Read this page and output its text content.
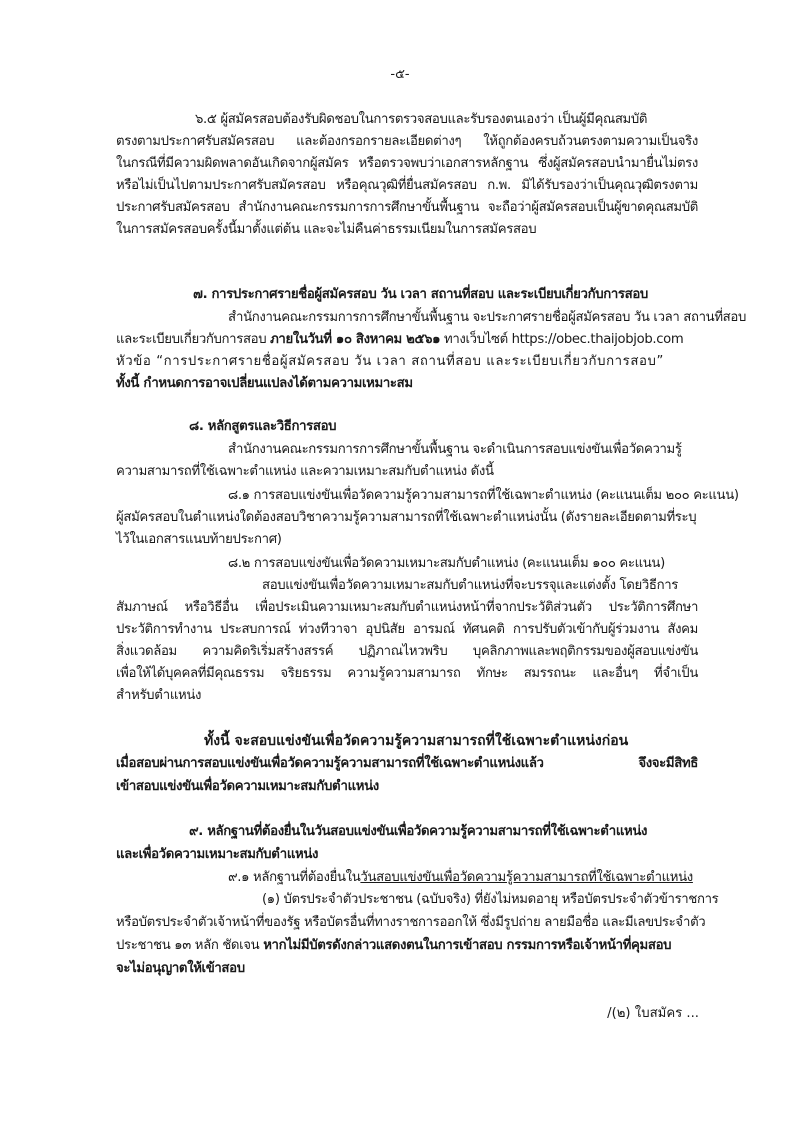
-๕-
๖.๕ ผู้สมัครสอบต้องรับผิดชอบในการตรวจสอบและรับรองตนเองว่า เป็นผู้มีคุณสมบัติ
ตรงตามประกาศรับสมัครสอบ และต้องกรอกรายละเอียดต่างๆ ให้ถูกต้องครบถ้วนตรงตามความเป็นจริง
ในกรณีที่มีความผิดพลาดอันเกิดจากผู้สมัคร หรือตรวจพบว่าเอกสารหลักฐาน ซึ่งผู้สมัครสอบนำมายื่นไม่ตรง
หรือไม่เป็นไปตามประกาศรับสมัครสอบ หรือคุณวุฒิที่ยื่นสมัครสอบ ก.พ. มิได้รับรองว่าเป็นคุณวุฒิตรงตาม
ประกาศรับสมัครสอบ สำนักงานคณะกรรมการการศึกษาขั้นพื้นฐาน จะถือว่าผู้สมัครสอบเป็นผู้ขาดคุณสมบัติ
ในการสมัครสอบครั้งนี้มาตั้งแต่ต้น และจะไม่คืนค่าธรรมเนียมในการสมัครสอบ
๗. การประกาศรายชื่อผู้สมัครสอบ วัน เวลา สถานที่สอบ และระเบียบเกี่ยวกับการสอบ
สำนักงานคณะกรรมการการศึกษาขั้นพื้นฐาน จะประกาศรายชื่อผู้สมัครสอบ วัน เวลา สถานที่สอบ
และระเบียบเกี่ยวกับการสอบ ภายในวันที่ ๑๐ สิงหาคม ๒๕๖๑ ทางเว็บไซต์ https://obec.thaijobjob.com
หัวข้อ “การประกาศรายชื่อผู้สมัครสอบ วัน เวลา สถานที่สอบ และระเบียบเกี่ยวกับการสอบ”
ทั้งนี้ กำหนดการอาจเปลี่ยนแปลงได้ตามความเหมาะสม
๘. หลักสูตรและวิธีการสอบ
สำนักงานคณะกรรมการการศึกษาขั้นพื้นฐาน จะดำเนินการสอบแข่งขันเพื่อวัดความรู้
ความสามารถที่ใช้เฉพาะตำแหน่ง และความเหมาะสมกับตำแหน่ง ดังนี้
๘.๑ การสอบแข่งขันเพื่อวัดความรู้ความสามารถที่ใช้เฉพาะตำแหน่ง (คะแนนเต็ม ๒๐๐ คะแนน)
ผู้สมัครสอบในตำแหน่งใดต้องสอบวิชาความรู้ความสามารถที่ใช้เฉพาะตำแหน่งนั้น (ดังรายละเอียดตามที่ระบุ
ไว้ในเอกสารแนบท้ายประกาศ)
๘.๒ การสอบแข่งขันเพื่อวัดความเหมาะสมกับตำแหน่ง (คะแนนเต็ม ๑๐๐ คะแนน)
สอบแข่งขันเพื่อวัดความเหมาะสมกับตำแหน่งที่จะบรรจุและแต่งตั้ง โดยวิธีการ
สัมภาษณ์ หรือวิธีอื่น เพื่อประเมินความเหมาะสมกับตำแหน่งหน้าที่จากประวัติส่วนตัว ประวัติการศึกษา
ประวัติการทำงาน ประสบการณ์ ท่วงทีวาจา อุปนิสัย อารมณ์ ทัศนคติ การปรับตัวเข้ากับผู้ร่วมงาน สังคม
สิ่งแวดล้อม ความคิดริเริ่มสร้างสรรค์ ปฏิภาณไหวพริบ บุคลิกภาพและพฤติกรรมของผู้สอบแข่งขัน
เพื่อให้ได้บุคคลที่มีคุณธรรม จริยธรรม ความรู้ความสามารถ ทักษะ สมรรถนะ และอื่นๆ ที่จำเป็น
สำหรับตำแหน่ง
ทั้งนี้ จะสอบแข่งขันเพื่อวัดความรู้ความสามารถที่ใช้เฉพาะตำแหน่งก่อน
เมื่อสอบผ่านการสอบแข่งขันเพื่อวัดความรู้ความสามารถที่ใช้เฉพาะตำแหน่งแล้ว จึงจะมีสิทธิ
เข้าสอบแข่งขันเพื่อวัดความเหมาะสมกับตำแหน่ง
๙. หลักฐานที่ต้องยื่นในวันสอบแข่งขันเพื่อวัดความรู้ความสามารถที่ใช้เฉพาะตำแหน่ง
และเพื่อวัดความเหมาะสมกับตำแหน่ง
๙.๑ หลักฐานที่ต้องยื่นในวันสอบแข่งขันเพื่อวัดความรู้ความสามารถที่ใช้เฉพาะตำแหน่ง
(๑) บัตรประจำตัวประชาชน (ฉบับจริง) ที่ยังไม่หมดอายุ หรือบัตรประจำตัวข้าราชการ
หรือบัตรประจำตัวเจ้าหน้าที่ของรัฐ หรือบัตรอื่นที่ทางราชการออกให้ ซึ่งมีรูปถ่าย ลายมือชื่อ และมีเลขประจำตัว
ประชาชน ๑๓ หลัก ชัดเจน หากไม่มีบัตรดังกล่าวแสดงตนในการเข้าสอบ กรรมการหรือเจ้าหน้าที่คุมสอบ
จะไม่อนุญาตให้เข้าสอบ
/(๒) ใบสมัคร ...
